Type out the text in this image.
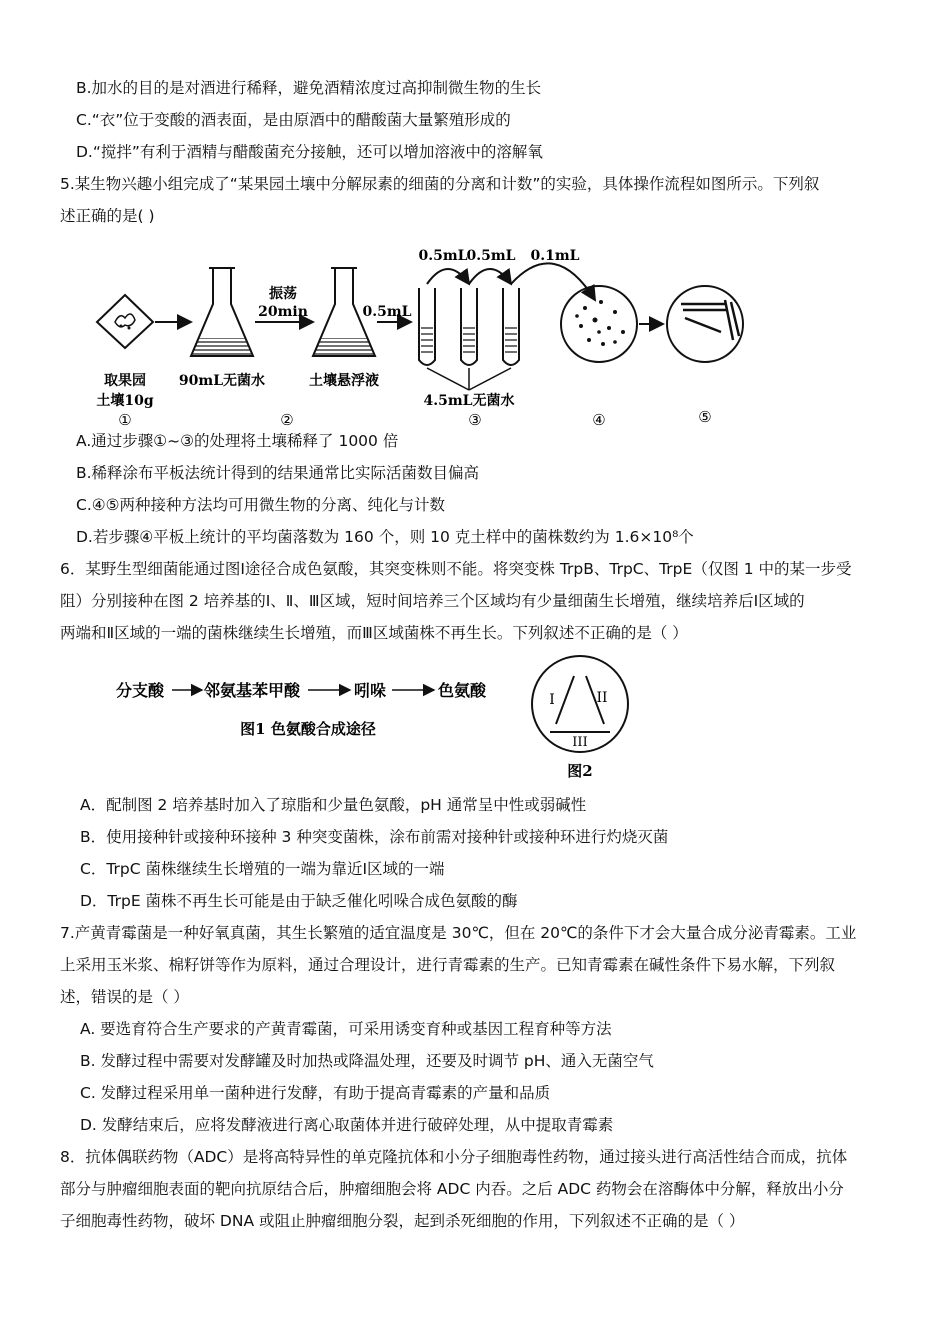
B.加水的目的是对酒进行稀释，避免酒精浓度过高抑制微生物的生长
C.“衣”位于变酸的酒表面，是由原酒中的醋酸菌大量繁殖形成的
D.“搅拌”有利于酒精与醋酸菌充分接触，还可以增加溶液中的溶解氧
5.某生物兴趣小组完成了“某果园土壤中分解尿素的细菌的分离和计数”的实验，具体操作流程如图所示。下列叙
述正确的是( )
振荡
20min	0.5mL
0.5mL
0.5mL 0.1mL
取果园
土壤10g
①
90mL无菌水
②
土壤悬浮液
4.5mL无菌水
③	④	⑤
A.通过步骤①~③的处理将土壤稀释了 1000 倍
B.稀释涂布平板法统计得到的结果通常比实际活菌数目偏高
C.④⑤两种接种方法均可用微生物的分离、纯化与计数
D.若步骤④平板上统计的平均菌落数为 160 个，则 10 克土样中的菌株数约为 1.6×10⁸个
6．某野生型细菌能通过图Ⅰ途径合成色氨酸，其突变株则不能。将突变株 TrpB、TrpC、TrpE（仅图 1 中的某一步受
阻）分别接种在图 2 培养基的Ⅰ、Ⅱ、Ⅲ区域，短时间培养三个区域均有少量细菌生长增殖，继续培养后Ⅰ区域的
两端和Ⅱ区域的一端的菌株继续生长增殖，而Ⅲ区域菌株不再生长。下列叙述不正确的是（ ）
分支酸 邻氨基苯甲酸	吲哚	色氨酸
图1 色氨酸合成途径
I	II
III
图2
A．配制图 2 培养基时加入了琼脂和少量色氨酸，pH 通常呈中性或弱碱性
B．使用接种针或接种环接种 3 种突变菌株，涂布前需对接种针或接种环进行灼烧灭菌
C．TrpC 菌株继续生长增殖的一端为靠近Ⅰ区域的一端
D．TrpE 菌株不再生长可能是由于缺乏催化吲哚合成色氨酸的酶
7.产黄青霉菌是一种好氧真菌，其生长繁殖的适宜温度是 30℃，但在 20℃的条件下才会大量合成分泌青霉素。工业
上采用玉米浆、棉籽饼等作为原料，通过合理设计，进行青霉素的生产。已知青霉素在碱性条件下易水解，下列叙
述，错误的是（ ）
A. 要选育符合生产要求的产黄青霉菌，可采用诱变育种或基因工程育种等方法
B. 发酵过程中需要对发酵罐及时加热或降温处理，还要及时调节 pH、通入无菌空气
C. 发酵过程采用单一菌种进行发酵，有助于提高青霉素的产量和品质
D. 发酵结束后，应将发酵液进行离心取菌体并进行破碎处理，从中提取青霉素
8．抗体偶联药物（ADC）是将高特异性的单克隆抗体和小分子细胞毒性药物，通过接头进行高活性结合而成，抗体
部分与肿瘤细胞表面的靶向抗原结合后，肿瘤细胞会将 ADC 内吞。之后 ADC 药物会在溶酶体中分解，释放出小分
子细胞毒性药物，破坏 DNA 或阻止肿瘤细胞分裂，起到杀死细胞的作用，下列叙述不正确的是（ ）
